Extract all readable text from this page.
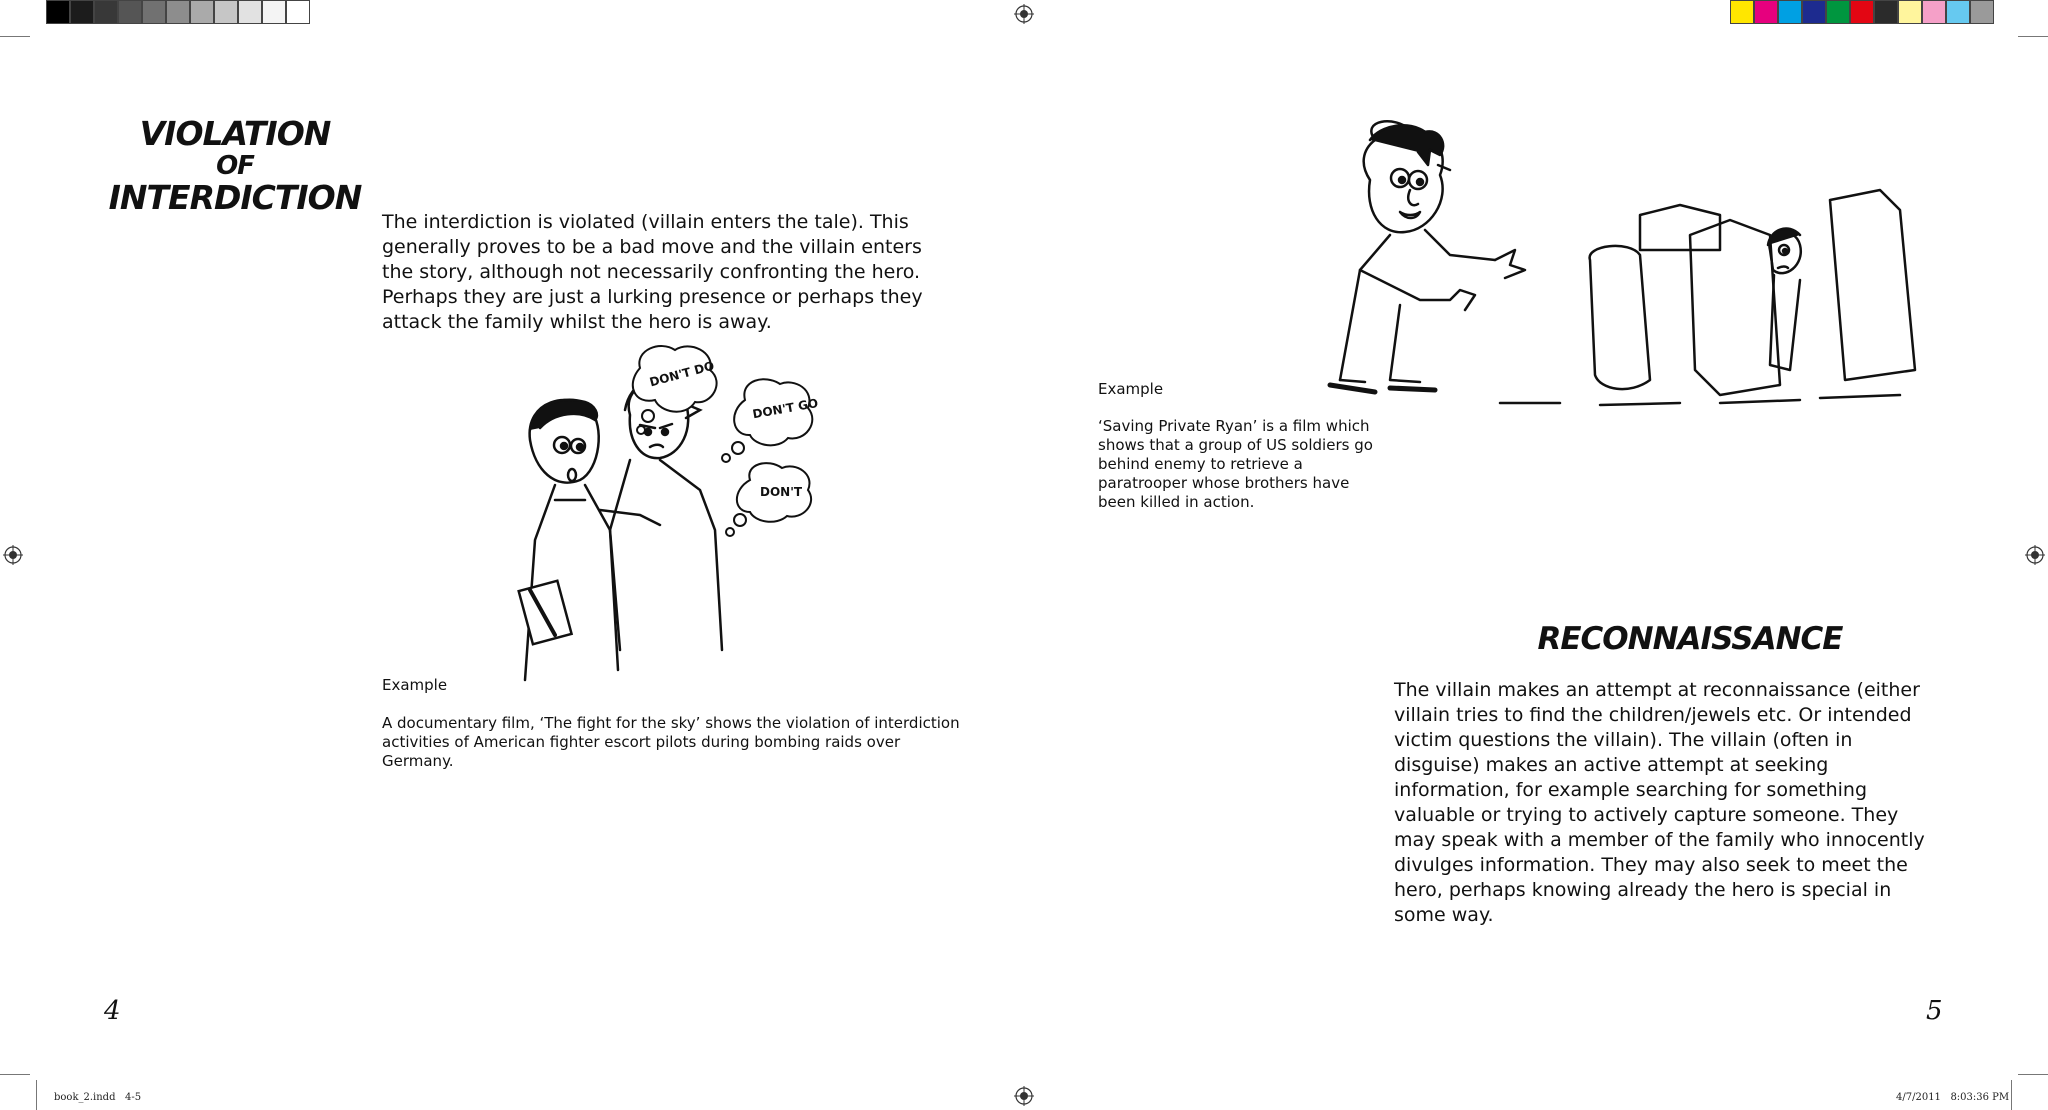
VIOLATION
OF
INTERDICTION
The interdiction is violated (villain enters the tale). This generally proves to be a bad move and the villain enters the story, although not necessarily confronting the hero. Perhaps they are just a lurking presence or perhaps they attack the family whilst the hero is away.
DON'T DO
DON'T GO
DON'T
Example
A documentary film, ‘The fight for the sky’ shows the violation of interdiction activities of American fighter escort pilots during bombing raids over Germany.
4
Example
‘Saving Private Ryan’ is a film which shows that a group of US soldiers go behind enemy to retrieve a paratrooper whose brothers have been killed in action.
RECONNAISSANCE
The villain makes an attempt at reconnaissance (either villain tries to find the children/jewels etc. Or intended victim questions the villain). The villain (often in disguise) makes an active attempt at seeking information, for example searching for something valuable or trying to actively capture someone. They may speak with a member of the family who innocently divulges information. They may also seek to meet the hero, perhaps knowing already the hero is special in some way.
5
book_2.indd   4-5	4/7/2011   8:03:36 PM
